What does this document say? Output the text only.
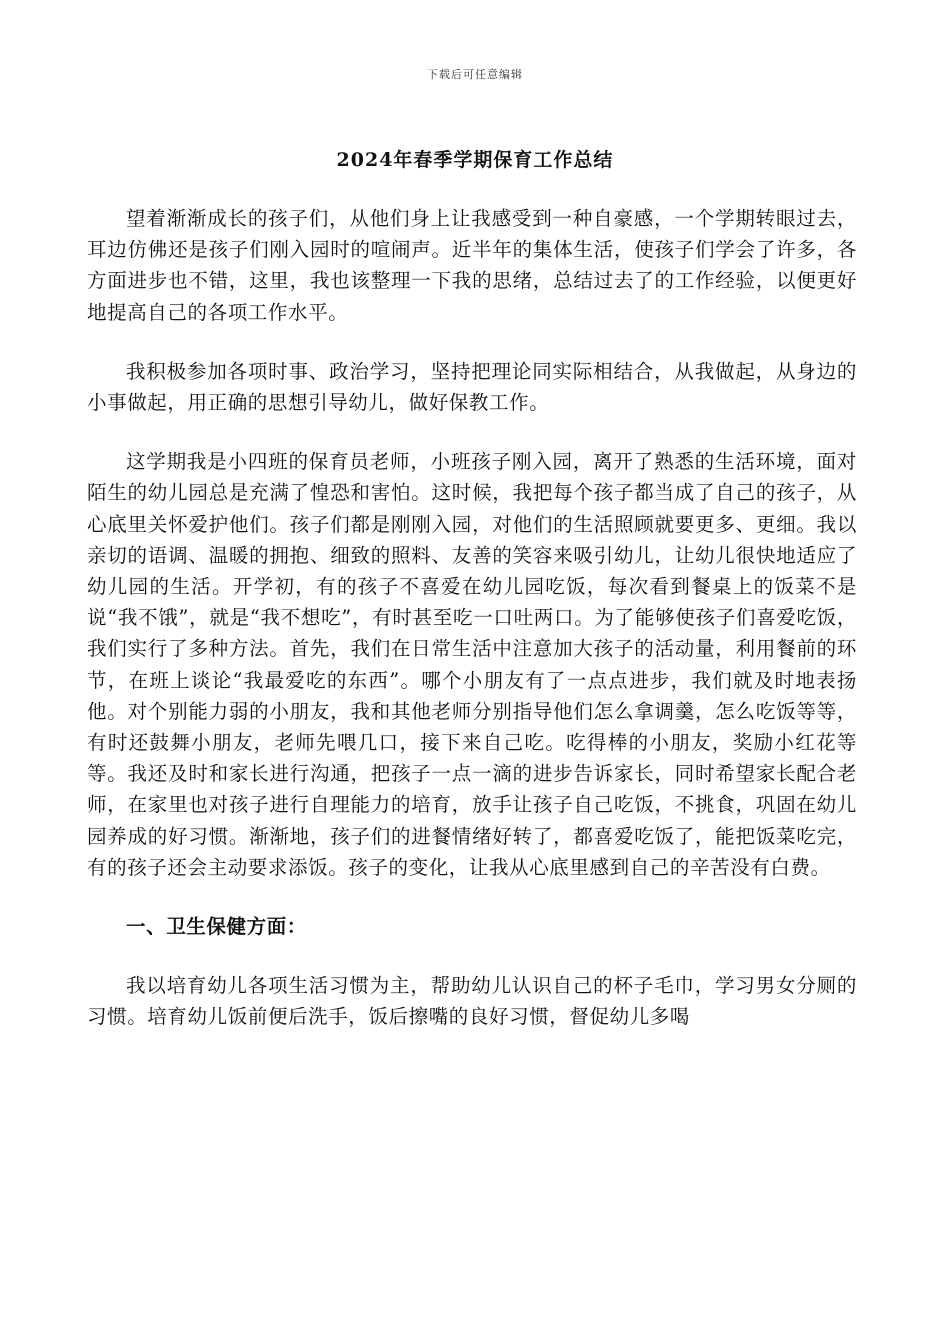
下载后可任意编辑
2024年春季学期保育工作总结

望着渐渐成长的孩子们，从他们身上让我感受到一种自豪感，一个学期转眼过去，耳边仿佛还是孩子们刚入园时的喧闹声。近半年的集体生活，使孩子们学会了许多，各方面进步也不错，这里，我也该整理一下我的思绪，总结过去了的工作经验，以便更好地提高自己的各项工作水平。

我积极参加各项时事、政治学习，坚持把理论同实际相结合，从我做起，从身边的小事做起，用正确的思想引导幼儿，做好保教工作。

这学期我是小四班的保育员老师，小班孩子刚入园，离开了熟悉的生活环境，面对陌生的幼儿园总是充满了惶恐和害怕。这时候，我把每个孩子都当成了自己的孩子，从心底里关怀爱护他们。孩子们都是刚刚入园，对他们的生活照顾就要更多、更细。我以亲切的语调、温暖的拥抱、细致的照料、友善的笑容来吸引幼儿，让幼儿很快地适应了幼儿园的生活。开学初，有的孩子不喜爱在幼儿园吃饭，每次看到餐桌上的饭菜不是说“我不饿”，就是“我不想吃”，有时甚至吃一口吐两口。为了能够使孩子们喜爱吃饭，我们实行了多种方法。首先，我们在日常生活中注意加大孩子的活动量，利用餐前的环节，在班上谈论“我最爱吃的东西”。哪个小朋友有了一点点进步，我们就及时地表扬他。对个别能力弱的小朋友，我和其他老师分别指导他们怎么拿调羹，怎么吃饭等等，有时还鼓舞小朋友，老师先喂几口，接下来自己吃。吃得棒的小朋友，奖励小红花等等。我还及时和家长进行沟通，把孩子一点一滴的进步告诉家长，同时希望家长配合老师，在家里也对孩子进行自理能力的培育，放手让孩子自己吃饭，不挑食，巩固在幼儿园养成的好习惯。渐渐地，孩子们的进餐情绪好转了，都喜爱吃饭了，能把饭菜吃完，有的孩子还会主动要求添饭。孩子的变化，让我从心底里感到自己的辛苦没有白费。

一、卫生保健方面：

我以培育幼儿各项生活习惯为主，帮助幼儿认识自己的杯子毛巾，学习男女分厕的习惯。培育幼儿饭前便后洗手，饭后擦嘴的良好习惯，督促幼儿多喝
